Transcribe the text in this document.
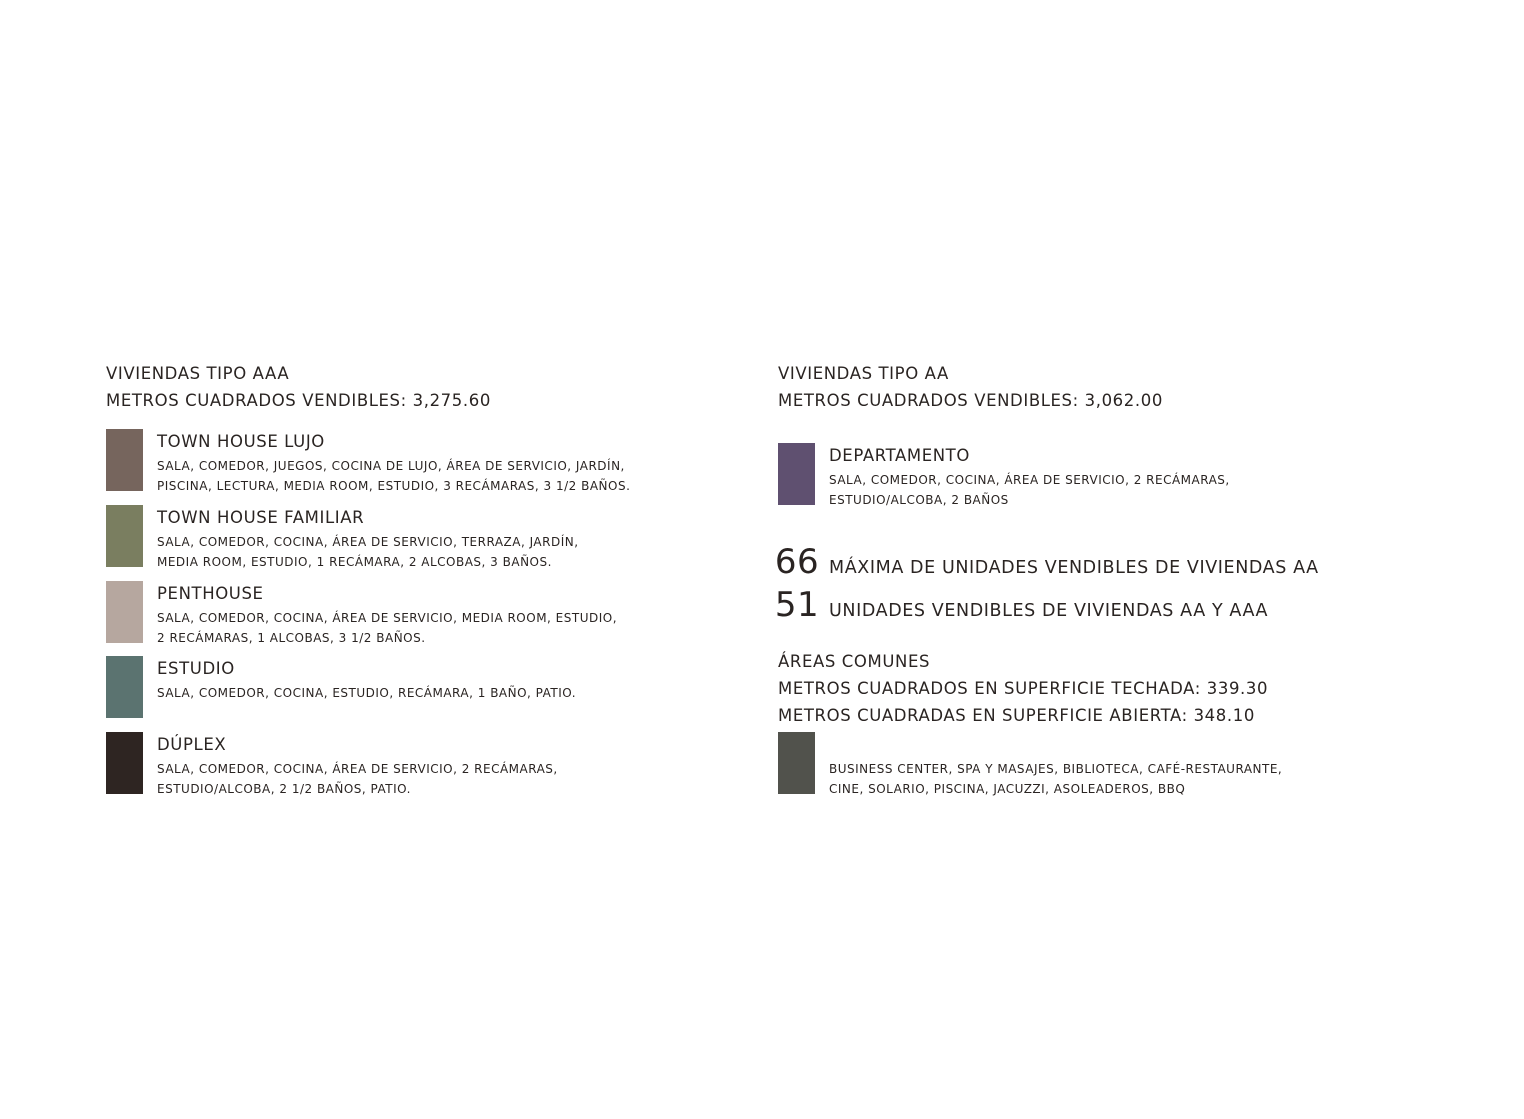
VIVIENDAS TIPO AAA
METROS CUADRADOS VENDIBLES: 3,275.60
TOWN HOUSE LUJO
SALA, COMEDOR, JUEGOS, COCINA DE LUJO, ÁREA DE SERVICIO, JARDÍN,
PISCINA, LECTURA, MEDIA ROOM, ESTUDIO, 3 RECÁMARAS, 3 1/2 BAÑOS.
TOWN HOUSE FAMILIAR
SALA, COMEDOR, COCINA, ÁREA DE SERVICIO, TERRAZA, JARDÍN,
MEDIA ROOM, ESTUDIO, 1 RECÁMARA, 2 ALCOBAS, 3 BAÑOS.
PENTHOUSE
SALA, COMEDOR, COCINA, ÁREA DE SERVICIO, MEDIA ROOM, ESTUDIO,
2 RECÁMARAS, 1 ALCOBAS, 3 1/2 BAÑOS.
ESTUDIO
SALA, COMEDOR, COCINA, ESTUDIO, RECÁMARA, 1 BAÑO, PATIO.
DÚPLEX
SALA, COMEDOR, COCINA, ÁREA DE SERVICIO, 2 RECÁMARAS,
ESTUDIO/ALCOBA, 2 1/2 BAÑOS, PATIO.
VIVIENDAS TIPO AA
METROS CUADRADOS VENDIBLES: 3,062.00
DEPARTAMENTO
SALA, COMEDOR, COCINA, ÁREA DE SERVICIO, 2 RECÁMARAS,
ESTUDIO/ALCOBA, 2 BAÑOS
66 MÁXIMA DE UNIDADES VENDIBLES DE VIVIENDAS AA
51 UNIDADES VENDIBLES DE VIVIENDAS AA Y AAA
ÁREAS COMUNES
METROS CUADRADOS EN SUPERFICIE TECHADA: 339.30
METROS CUADRADAS EN SUPERFICIE ABIERTA: 348.10
BUSINESS CENTER, SPA Y MASAJES, BIBLIOTECA, CAFÉ-RESTAURANTE,
CINE, SOLARIO, PISCINA, JACUZZI, ASOLEADEROS, BBQ
